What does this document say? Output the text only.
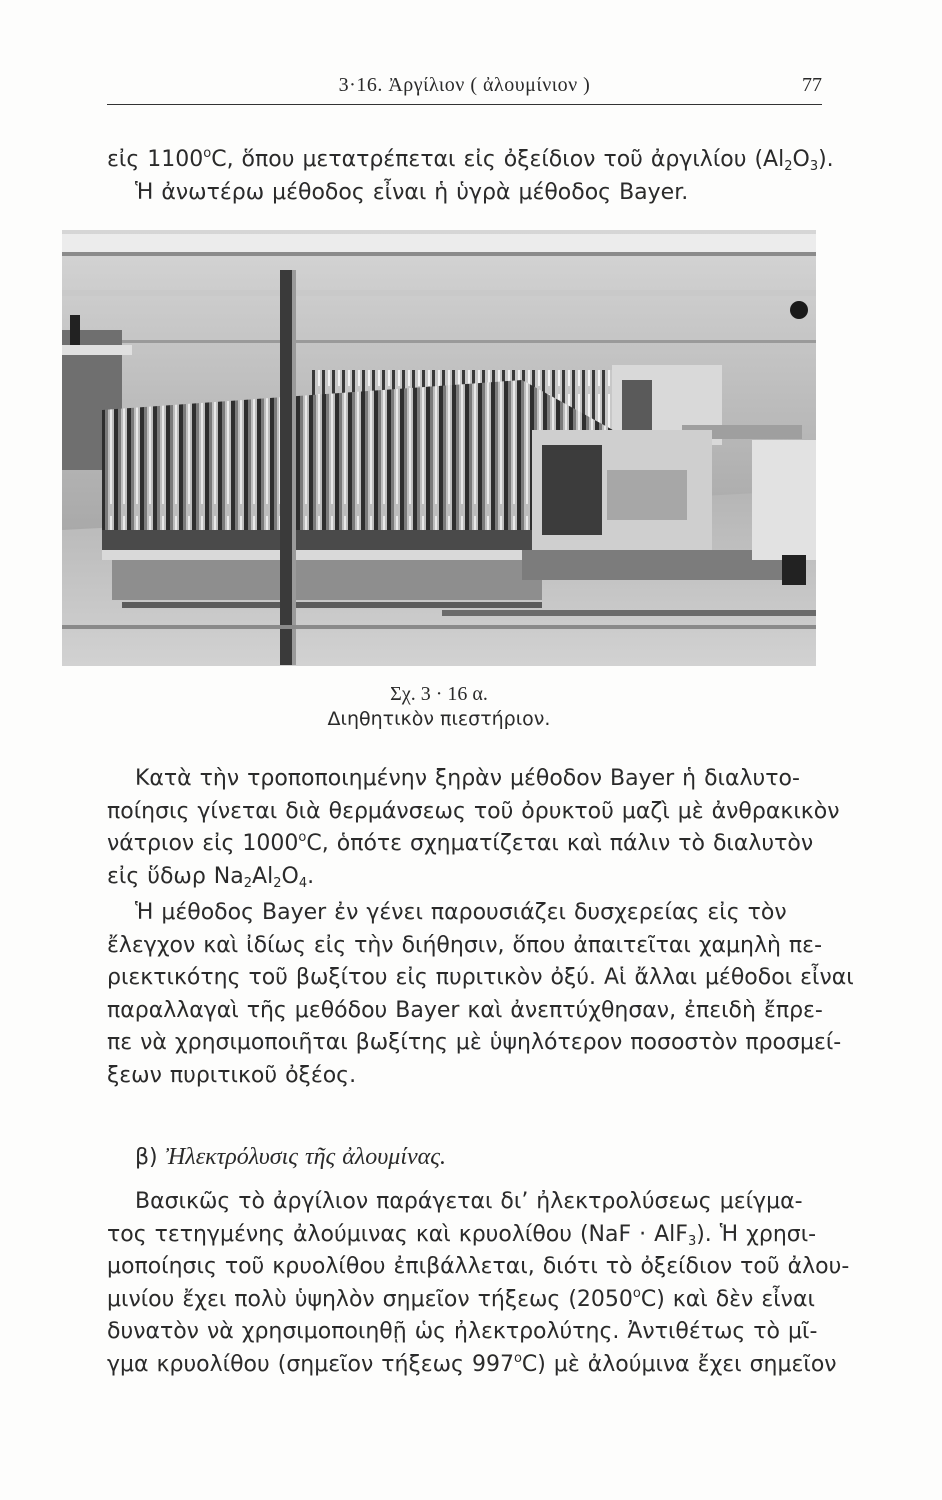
3·16. Ἀργίλιον ( ἀλουμίνιον )	77
εἰς 1100$^o$C, ὅπου μετατρέπεται εἰς ὀξείδιον τοῦ ἀργιλίου $(Al_2O_3)$.
Ἡ ἀνωτέρω μέθοδος εἶναι ἡ ὑγρὰ μέθοδος Bayer.
Σχ. 3 · 16 α.
Διηθητικὸν πιεστήριον.
Κατὰ τὴν τροποποιημένην ξηρὰν μέθοδον Bayer ἡ διαλυτο-
ποίησις γίνεται διὰ θερμάνσεως τοῦ ὀρυκτοῦ μαζὶ μὲ ἀνθρακικὸν
νάτριον εἰς 1000$^o$C, ὁπότε σχηματίζεται καὶ πάλιν τὸ διαλυτὸν
εἰς ὕδωρ $Na_2Al_2O_4$.
Ἡ μέθοδος Bayer ἐν γένει παρουσιάζει δυσχερείας εἰς τὸν
ἔλεγχον καὶ ἰδίως εἰς τὴν διήθησιν, ὅπου ἀπαιτεῖται χαμηλὴ πε-
ριεκτικότης τοῦ βωξίτου εἰς πυριτικὸν ὀξύ. Αἱ ἄλλαι μέθοδοι εἶναι
παραλλαγαὶ τῆς μεθόδου Bayer καὶ ἀνεπτύχθησαν, ἐπειδὴ ἔπρε-
πε νὰ χρησιμοποιῆται βωξίτης μὲ ὑψηλότερον ποσοστὸν προσμεί-
ξεων πυριτικοῦ ὀξέος.
β) Ἠλεκτρόλυσις τῆς ἀλουμίνας.
Βασικῶς τὸ ἀργίλιον παράγεται δι’ ἠλεκτρολύσεως μείγμα-
τος τετηγμένης ἀλούμινας καὶ κρυολίθου (NaF · AlF$_3$). Ἡ χρησι-
μοποίησις τοῦ κρυολίθου ἐπιβάλλεται, διότι τὸ ὀξείδιον τοῦ ἀλου-
μινίου ἔχει πολὺ ὑψηλὸν σημεῖον τήξεως (2050$^o$C) καὶ δὲν εἶναι
δυνατὸν νὰ χρησιμοποιηθῇ ὡς ἠλεκτρολύτης. Ἀντιθέτως τὸ μῖ-
γμα κρυολίθου (σημεῖον τήξεως 997$^o$C) μὲ ἀλούμινα ἔχει σημεῖον
